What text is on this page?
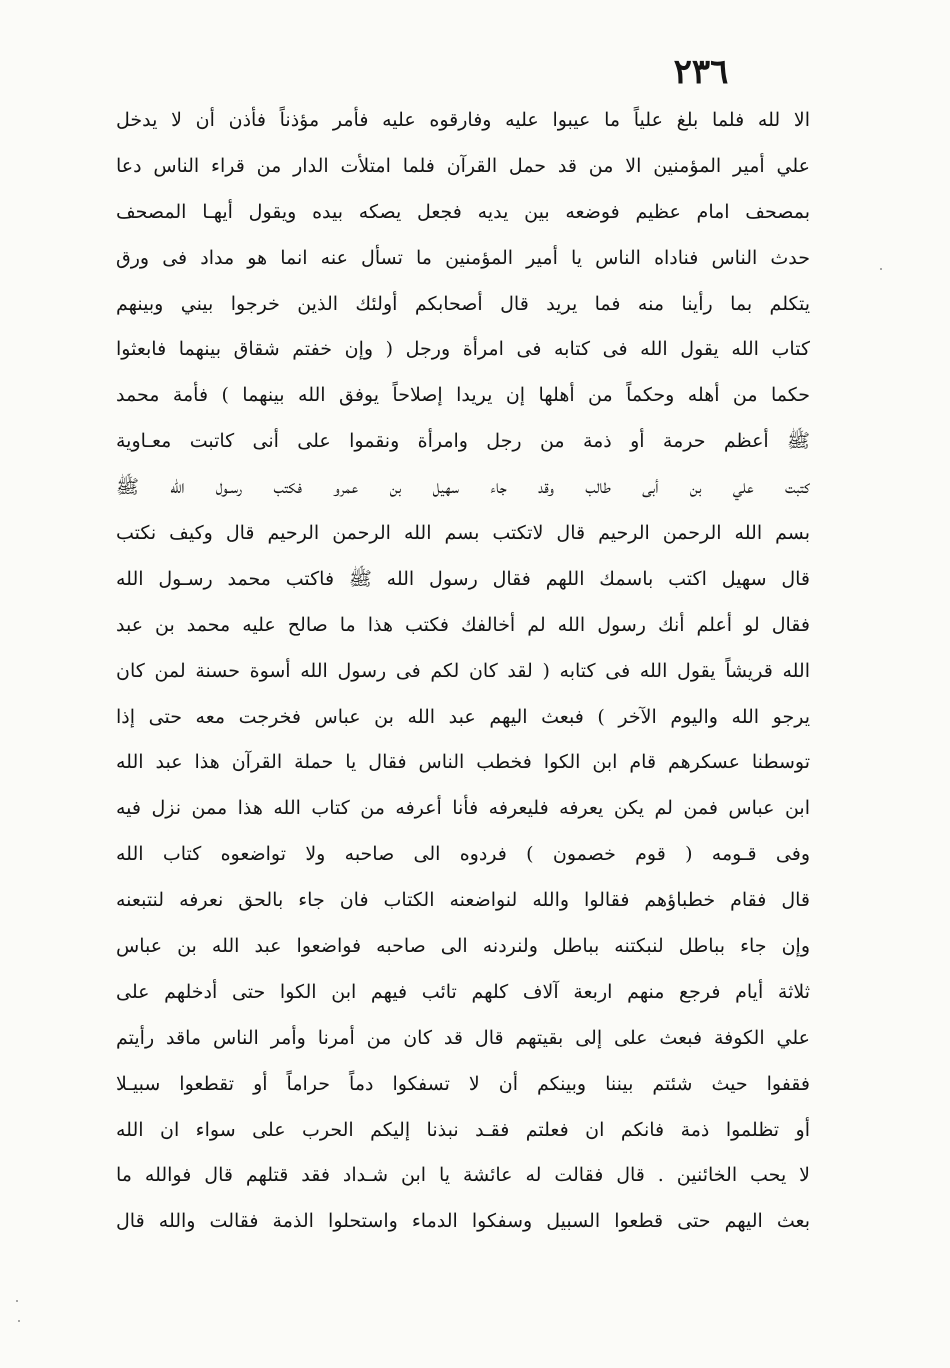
٢٣٦
الا لله فلما بلغ علياً ما عيبوا عليه وفارقوه عليه فأمر مؤذناً فأذن أن لا يدخل
علي أمير المؤمنين الا من قد حمل القرآن فلما امتلأت الدار من قراء الناس دعا
بمصحف امام عظيم فوضعه بين يديه فجعل يصكه بيده ويقول أيهـا المصحف
حدث الناس فناداه الناس يا أمير المؤمنين ما تسأل عنه انما هو مداد فى ورق
يتكلم بما رأينا منه فما يريد قال أصحابكم أولئك الذين خرجوا بيني وبينهم
كتاب الله يقول الله فى كتابه فى امرأة ورجل ( وإن خفتم شقاق بينهما فابعثوا
حكما من أهله وحكماً من أهلها إن يريدا إصلاحاً يوفق الله بينهما ) فأمة محمد
ﷺ أعظم حرمة أو ذمة من رجل وامرأة ونقموا على أنى كاتبت معـاوية
كتبت علي بن أبى طالب وقد جاء سهيل بن عمرو فكتب رسـول الله ﷺ
بسم الله الرحمن الرحيم قال لاتكتب بسم الله الرحمن الرحيم قال وكيف نكتب
قال سهيل اكتب باسمك اللهم فقال رسول الله ﷺ فاكتب محمد رسـول الله
فقال لو أعلم أنك رسول الله لم أخالفك فكتب هذا ما صالح عليه محمد بن عبد
الله قريشاً يقول الله فى كتابه ( لقد كان لكم فى رسول الله أسوة حسنة لمن كان
يرجو الله واليوم الآخر ) فبعث اليهم عبد الله بن عباس فخرجت معه حتى إذا
توسطنا عسكرهم قام ابن الكوا فخطب الناس فقال يا حملة القرآن هذا عبد الله
ابن عباس فمن لم يكن يعرفه فليعرفه فأنا أعرفه من كتاب الله هذا ممن نزل فيه
وفى قـومه ( قوم خصمون ) فردوه الى صاحبه ولا تواضعوه كتاب الله
قال فقام خطباؤهم فقالوا والله لنواضعنه الكتاب فان جاء بالحق نعرفه لنتبعنه
وإن جاء بباطل لنبكتنه بباطل ولنردنه الى صاحبه فواضعوا عبد الله بن عباس
ثلاثة أيام فرجع منهم اربعة آلاف كلهم تائب فيهم ابن الكوا حتى أدخلهم على
علي الكوفة فبعث على إلى بقيتهم قال قد كان من أمرنا وأمر الناس ماقد رأيتم
فقفوا حيث شئتم بيننا وبينكم أن لا تسفكوا دماً حراماً أو تقطعوا سبيـلا
أو تظلموا ذمة فانكم ان فعلتم فقـد نبذنا إليكم الحرب على سواء ان الله
لا يحب الخائنين . قال فقالت له عائشة يا ابن شـداد فقد قتلهم قال فوالله ما
بعث اليهم حتى قطعوا السبيل وسفكوا الدماء واستحلوا الذمة فقالت والله قال
